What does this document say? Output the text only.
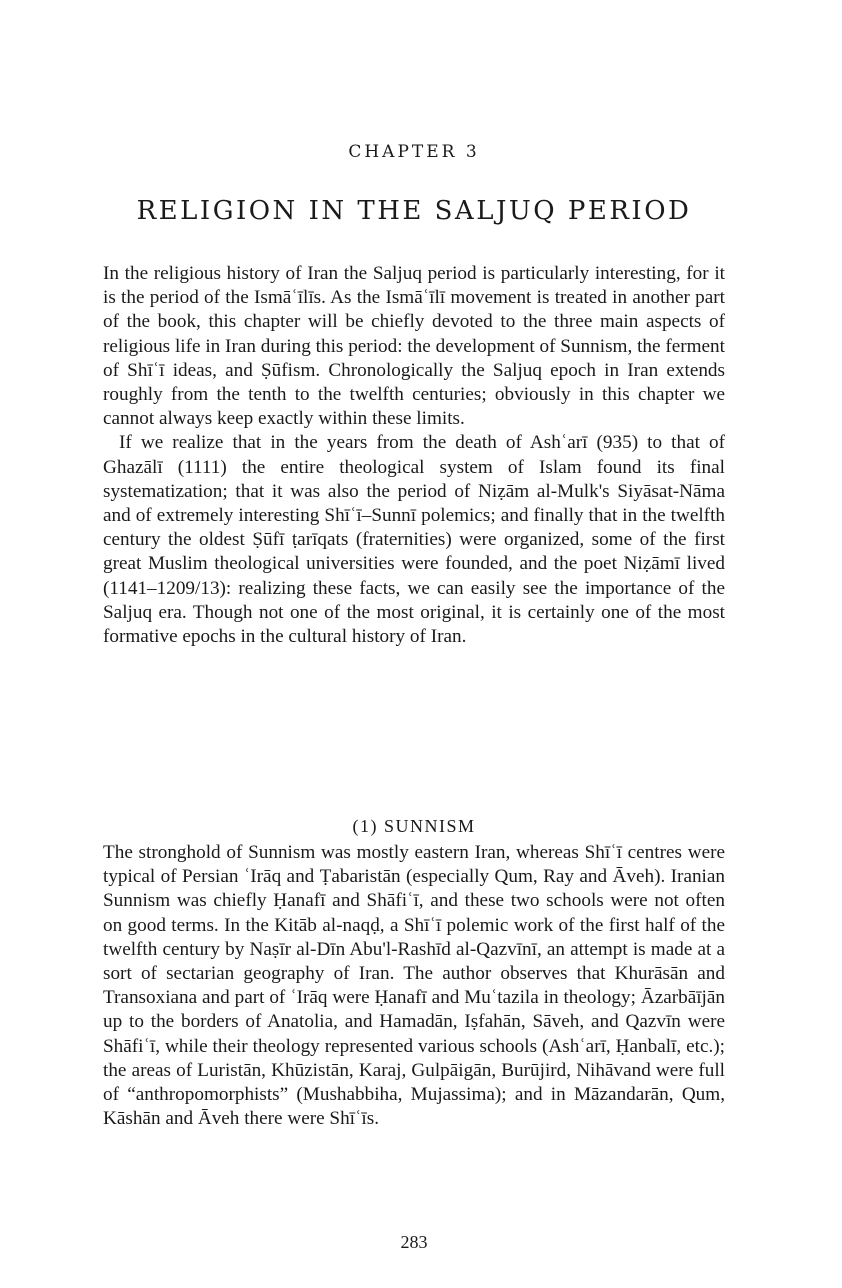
CHAPTER 3
RELIGION IN THE SALJUQ PERIOD

In the religious history of Iran the Saljuq period is particularly interesting, for it is the period of the Ismāʿīlīs. As the Ismāʿīlī movement is treated in another part of the book, this chapter will be chiefly devoted to the three main aspects of religious life in Iran during this period: the development of Sunnism, the ferment of Shīʿī ideas, and Ṣūfism. Chronologically the Saljuq epoch in Iran extends roughly from the tenth to the twelfth centuries; obviously in this chapter we cannot always keep exactly within these limits.

If we realize that in the years from the death of Ashʿarī (935) to that of Ghazālī (1111) the entire theological system of Islam found its final systematization; that it was also the period of Niẓām al-Mulk's Siyāsat-Nāma and of extremely interesting Shīʿī–Sunnī polemics; and finally that in the twelfth century the oldest Ṣūfī ṭarīqats (fraternities) were organized, some of the first great Muslim theological universities were founded, and the poet Niẓāmī lived (1141–1209/13): realizing these facts, we can easily see the importance of the Saljuq era. Though not one of the most original, it is certainly one of the most formative epochs in the cultural history of Iran.

(1) SUNNISM

The stronghold of Sunnism was mostly eastern Iran, whereas Shīʿī centres were typical of Persian ʿIrāq and Ṭabaristān (especially Qum, Ray and Āveh). Iranian Sunnism was chiefly Ḥanafī and Shāfiʿī, and these two schools were not often on good terms. In the Kitāb al-naqḍ, a Shīʿī polemic work of the first half of the twelfth century by Naṣīr al-Dīn Abu'l-Rashīd al-Qazvīnī, an attempt is made at a sort of sectarian geography of Iran. The author observes that Khurāsān and Transoxiana and part of ʿIrāq were Ḥanafī and Muʿtazila in theology; Āzarbāījān up to the borders of Anatolia, and Hamadān, Iṣfahān, Sāveh, and Qazvīn were Shāfiʿī, while their theology represented various schools (Ashʿarī, Ḥanbalī, etc.); the areas of Luristān, Khūzistān, Karaj, Gulpāigān, Burūjird, Nihāvand were full of “anthropomorphists” (Mushabbiha, Mujassima); and in Māzandarān, Qum, Kāshān and Āveh there were Shīʿīs.

283
